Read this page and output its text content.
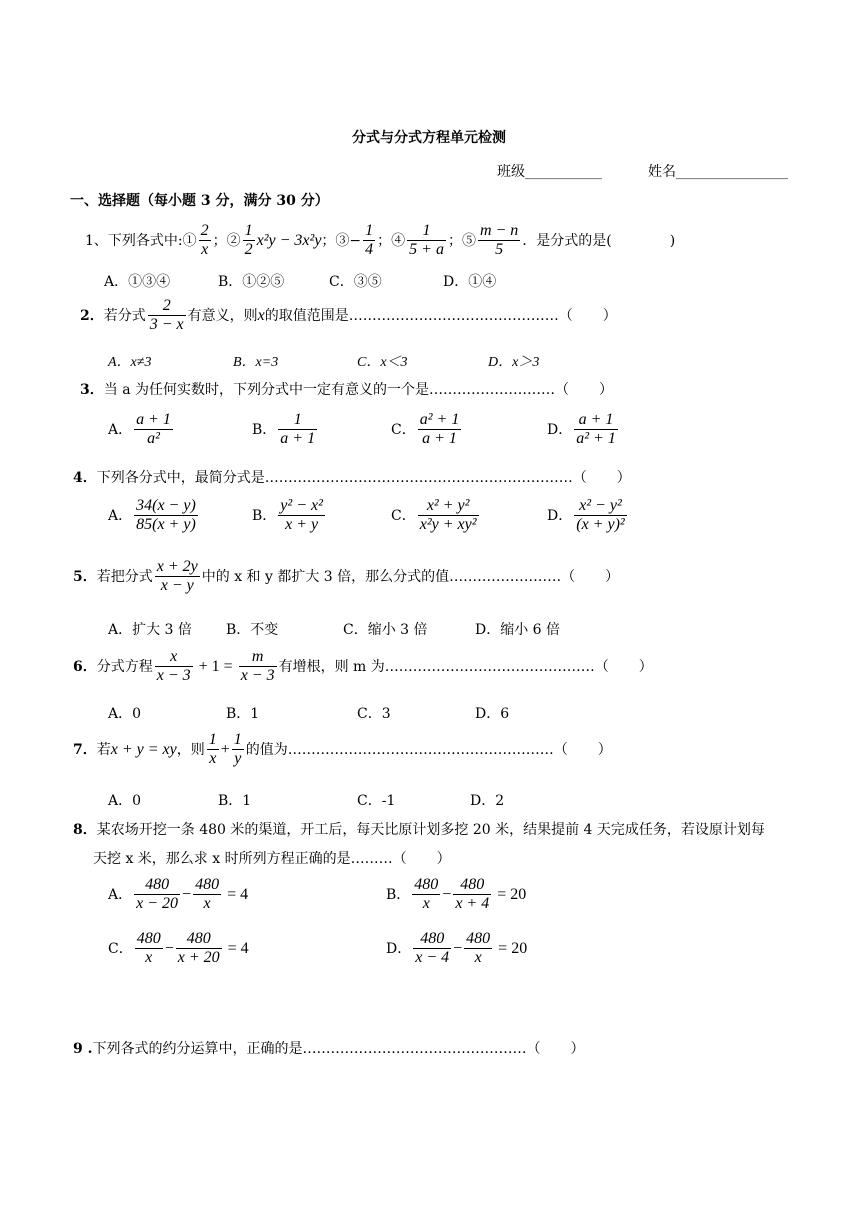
分式与分式方程单元检测
班级___________	姓名________________
一、选择题（每小题 3 分，满分 30 分）
1、下列各式中:① $\frac{2}{x}$ ；② $\frac{1}{2} x^2y - 3x^2y$；③− $\frac{1}{4}$ ；④ $\frac{1}{5 + a}$ ；⑤ $\frac{m - n}{5}$ ．是分式的是(	)
A．①③④	B．①②⑤	C．③⑤	D．①④
2．若分式 $\frac{2}{3 - x}$ 有意义，则x的取值范围是………………………………………（ ）
A．x≠3	B．x=3	C．x＜3	D．x＞3
3．当 a 为任何实数时，下列分式中一定有意义的一个是………………………（ ）
A． $\frac{a + 1}{\text{a²}}$	B． $\frac{1}{a + 1}$	C． $\frac{\text{a² + 1}}{a + 1}$	D． $\frac{a + 1}{\text{a² + 1}}$
4．下列各分式中，最简分式是…………………………………………………………（ ）
A． $\frac{34(x - y)}{85(x + y)}$	B． $\frac{\text{y² − x²}}{x + y}$	C． $\frac{\text{x² + y²}}{\text{x²y + xy²}}$	D． $\frac{\text{x² − y²}}{\text{(x + y)²}}$
5．若把分式 $\frac{x + 2y}{x - y}$ 中的 x 和 y 都扩大 3 倍，那么分式的值……………………（ ）
A．扩大 3 倍 B．不变	C．缩小 3 倍	D．缩小 6 倍
6．分式方程 $\frac{x}{x - 3} + 1 = \frac{m}{x - 3}$ 有增根，则 m 为………………………………………（ ）
A．0	B．1	C．3	D．6
7．若x + y = xy，则 $\frac{1}{x} + \frac{1}{y}$ 的值为…………………………………………………（ ）
A．0	B．1	C．-1	D．2
8．某农场开挖一条 480 米的渠道，开工后，每天比原计划多挖 20 米，结果提前 4 天完成任务，若设原计划每
天挖 x 米，那么求 x 时所列方程正确的是………（ ）
A． $\frac{480}{x - 20} - \frac{480}{x} = 4$	B． $\frac{480}{x} - \frac{480}{x + 4} = 20$
C． $\frac{480}{x} - \frac{480}{x + 20} = 4$	D． $\frac{480}{x - 4} - \frac{480}{x} = 20$
9 .下列各式的约分运算中，正确的是…………………………………………（ ）
